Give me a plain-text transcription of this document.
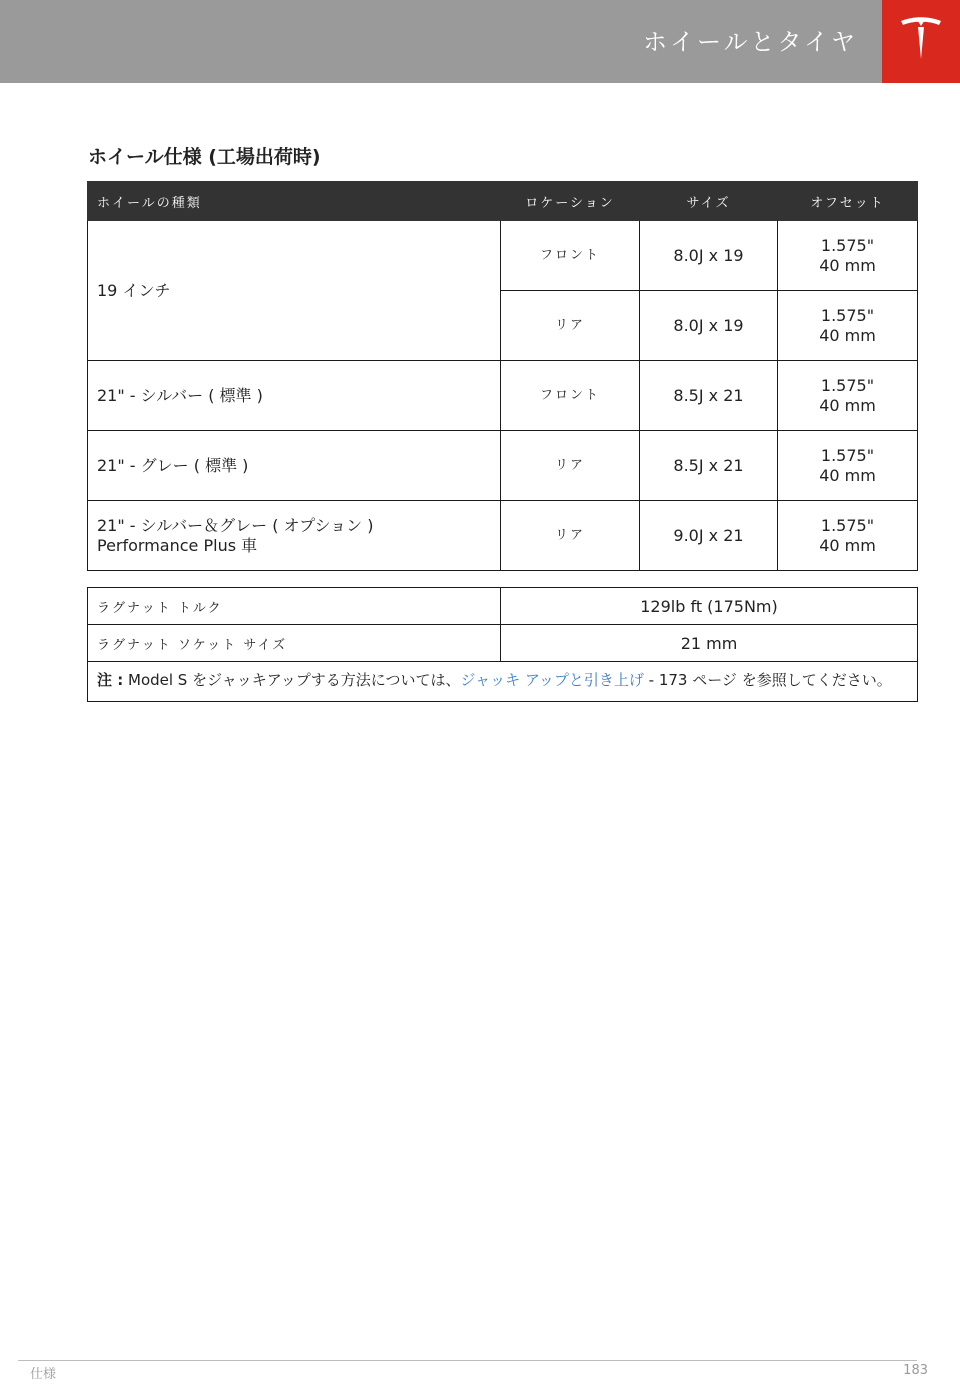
ホイールとタイヤ
ホイール仕様 (工場出荷時)
ホイールの種類	ロケーション	サイズ	オフセット
19 インチ	フロント	8.0J x 19	1.575"
40 mm
	リア	8.0J x 19	1.575"
40 mm
21" - シルバー ( 標準 )	フロント	8.5J x 21	1.575"
40 mm
21" - グレー ( 標準 )	リア	8.5J x 21	1.575"
40 mm
21" - シルバー＆グレー ( オプション )
Performance Plus 車	リア	9.0J x 21	1.575"
40 mm
ラグナット トルク	129lb ft (175Nm)
ラグナット ソケット サイズ	21 mm
注 : Model S をジャッキアップする方法については、ジャッキ アップと引き上げ - 173 ページ を参照してください。	
仕様	183
